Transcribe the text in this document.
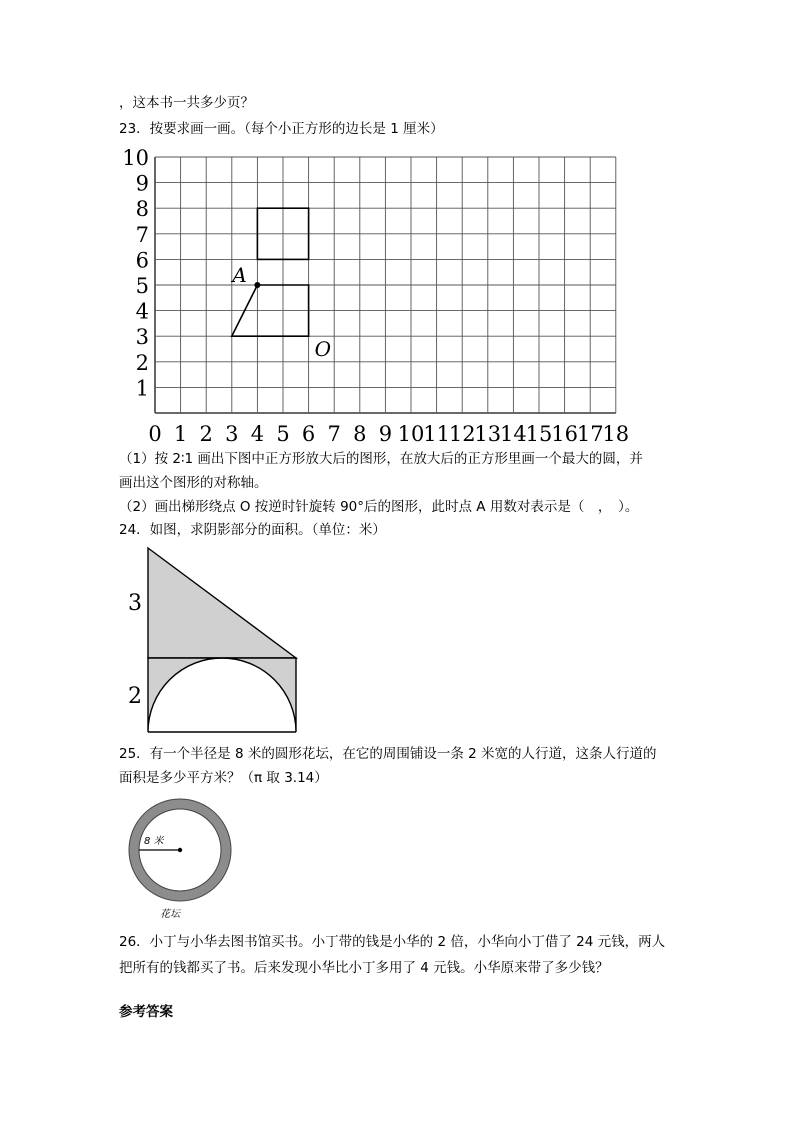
，这本书一共多少页？
23．按要求画一画。（每个小正方形的边长是 1 厘米）
（1）按 2∶1 画出下图中正方形放大后的图形，在放大后的正方形里画一个最大的圆，并
画出这个图形的对称轴。
（2）画出梯形绕点 O 按逆时针旋转 90°后的图形，此时点 A 用数对表示是（　，　）。
24．如图，求阴影部分的面积。（单位：米）
25．有一个半径是 8 米的圆形花坛，在它的周围铺设一条 2 米宽的人行道，这条人行道的
面积是多少平方米？（π 取 3.14）
26．小丁与小华去图书馆买书。小丁带的钱是小华的 2 倍，小华向小丁借了 24 元钱，两人
把所有的钱都买了书。后来发现小华比小丁多用了 4 元钱。小华原来带了多少钱？
参考答案
0 1 2 3 4 5 6 7 8 9 10
11
12
13
14
15
16
17
18
1
2
3
4
5
6
7
8
9
10
A
O
3
2
8 米
花坛
